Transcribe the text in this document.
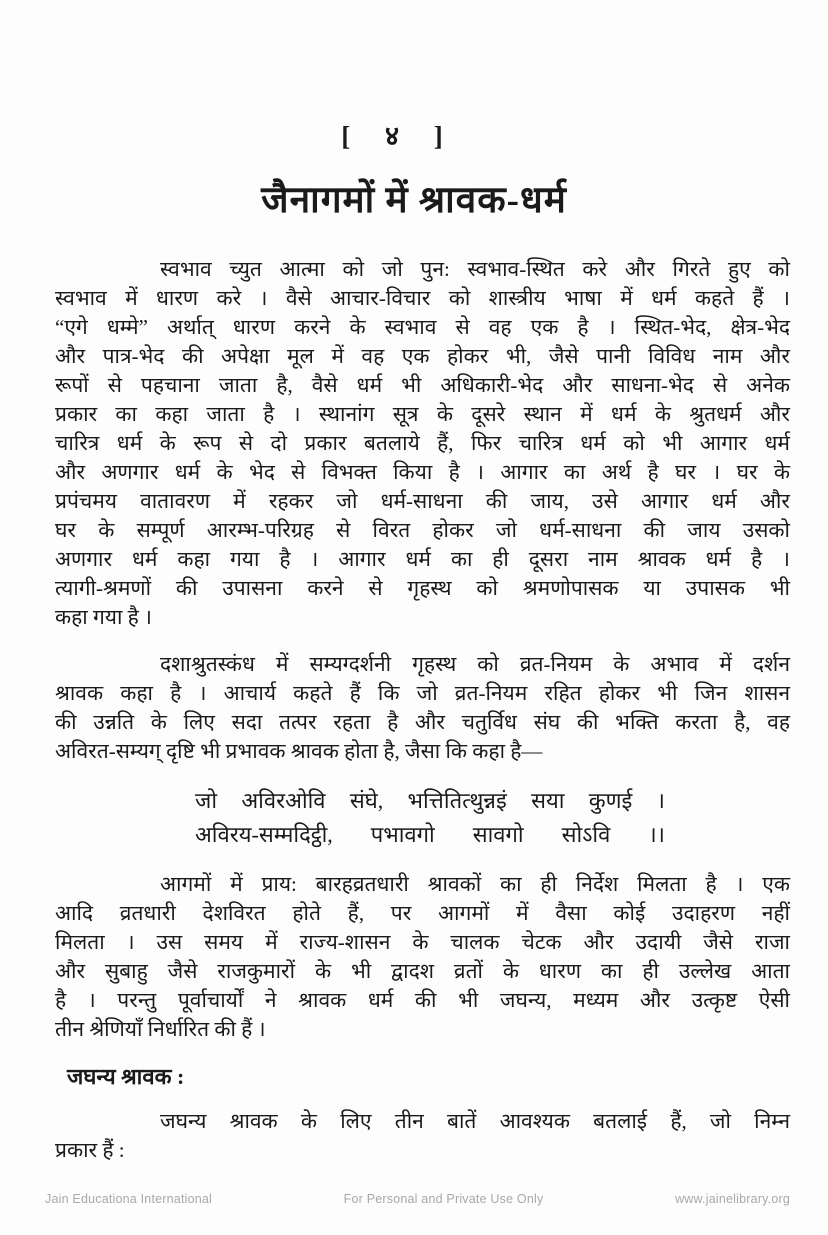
[ ४ ]
जैनागमों में श्रावक-धर्म
स्वभाव च्युत आत्मा को जो पुन: स्वभाव-स्थित करे और गिरते हुए को
स्वभाव में धारण करे । वैसे आचार-विचार को शास्त्रीय भाषा में धर्म कहते हैं ।
“एगे धम्मे” अर्थात् धारण करने के स्वभाव से वह एक है । स्थित-भेद, क्षेत्र-भेद
और पात्र-भेद की अपेक्षा मूल में वह एक होकर भी, जैसे पानी विविध नाम और
रूपों से पहचाना जाता है, वैसे धर्म भी अधिकारी-भेद और साधना-भेद से अनेक
प्रकार का कहा जाता है । स्थानांग सूत्र के दूसरे स्थान में धर्म के श्रुतधर्म और
चारित्र धर्म के रूप से दो प्रकार बतलाये हैं, फिर चारित्र धर्म को भी आगार धर्म
और अणगार धर्म के भेद से विभक्त किया है । आगार का अर्थ है घर । घर के
प्रपंचमय वातावरण में रहकर जो धर्म-साधना की जाय, उसे आगार धर्म और
घर के सम्पूर्ण आरम्भ-परिग्रह से विरत होकर जो धर्म-साधना की जाय उसको
अणगार धर्म कहा गया है । आगार धर्म का ही दूसरा नाम श्रावक धर्म है ।
त्यागी-श्रमणों की उपासना करने से गृहस्थ को श्रमणोपासक या उपासक भी
कहा गया है ।
दशाश्रुतस्कंध में सम्यग्दर्शनी गृहस्थ को व्रत-नियम के अभाव में दर्शन
श्रावक कहा है । आचार्य कहते हैं कि जो व्रत-नियम रहित होकर भी जिन शासन
की उन्नति के लिए सदा तत्पर रहता है और चतुर्विध संघ की भक्ति करता है, वह
अविरत-सम्यग् दृष्टि भी प्रभावक श्रावक होता है, जैसा कि कहा है—
जो अविरओवि संघे, भत्तितित्थुन्नइं सया कुणई ।
अविरय-सम्मदिट्ठी, पभावगो सावगो सोऽवि ।।
आगमों में प्राय: बारहव्रतधारी श्रावकों का ही निर्देश मिलता है । एक
आदि व्रतधारी देशविरत होते हैं, पर आगमों में वैसा कोई उदाहरण नहीं
मिलता । उस समय में राज्य-शासन के चालक चेटक और उदायी जैसे राजा
और सुबाहु जैसे राजकुमारों के भी द्वादश व्रतों के धारण का ही उल्लेख आता
है । परन्तु पूर्वाचार्यों ने श्रावक धर्म की भी जघन्य, मध्यम और उत्कृष्ट ऐसी
तीन श्रेणियाँ निर्धारित की हैं ।
जघन्य श्रावक :
जघन्य श्रावक के लिए तीन बातें आवश्यक बतलाई हैं, जो निम्न
प्रकार हैं :
Jain Educationa International	For Personal and Private Use Only	www.jainelibrary.org
